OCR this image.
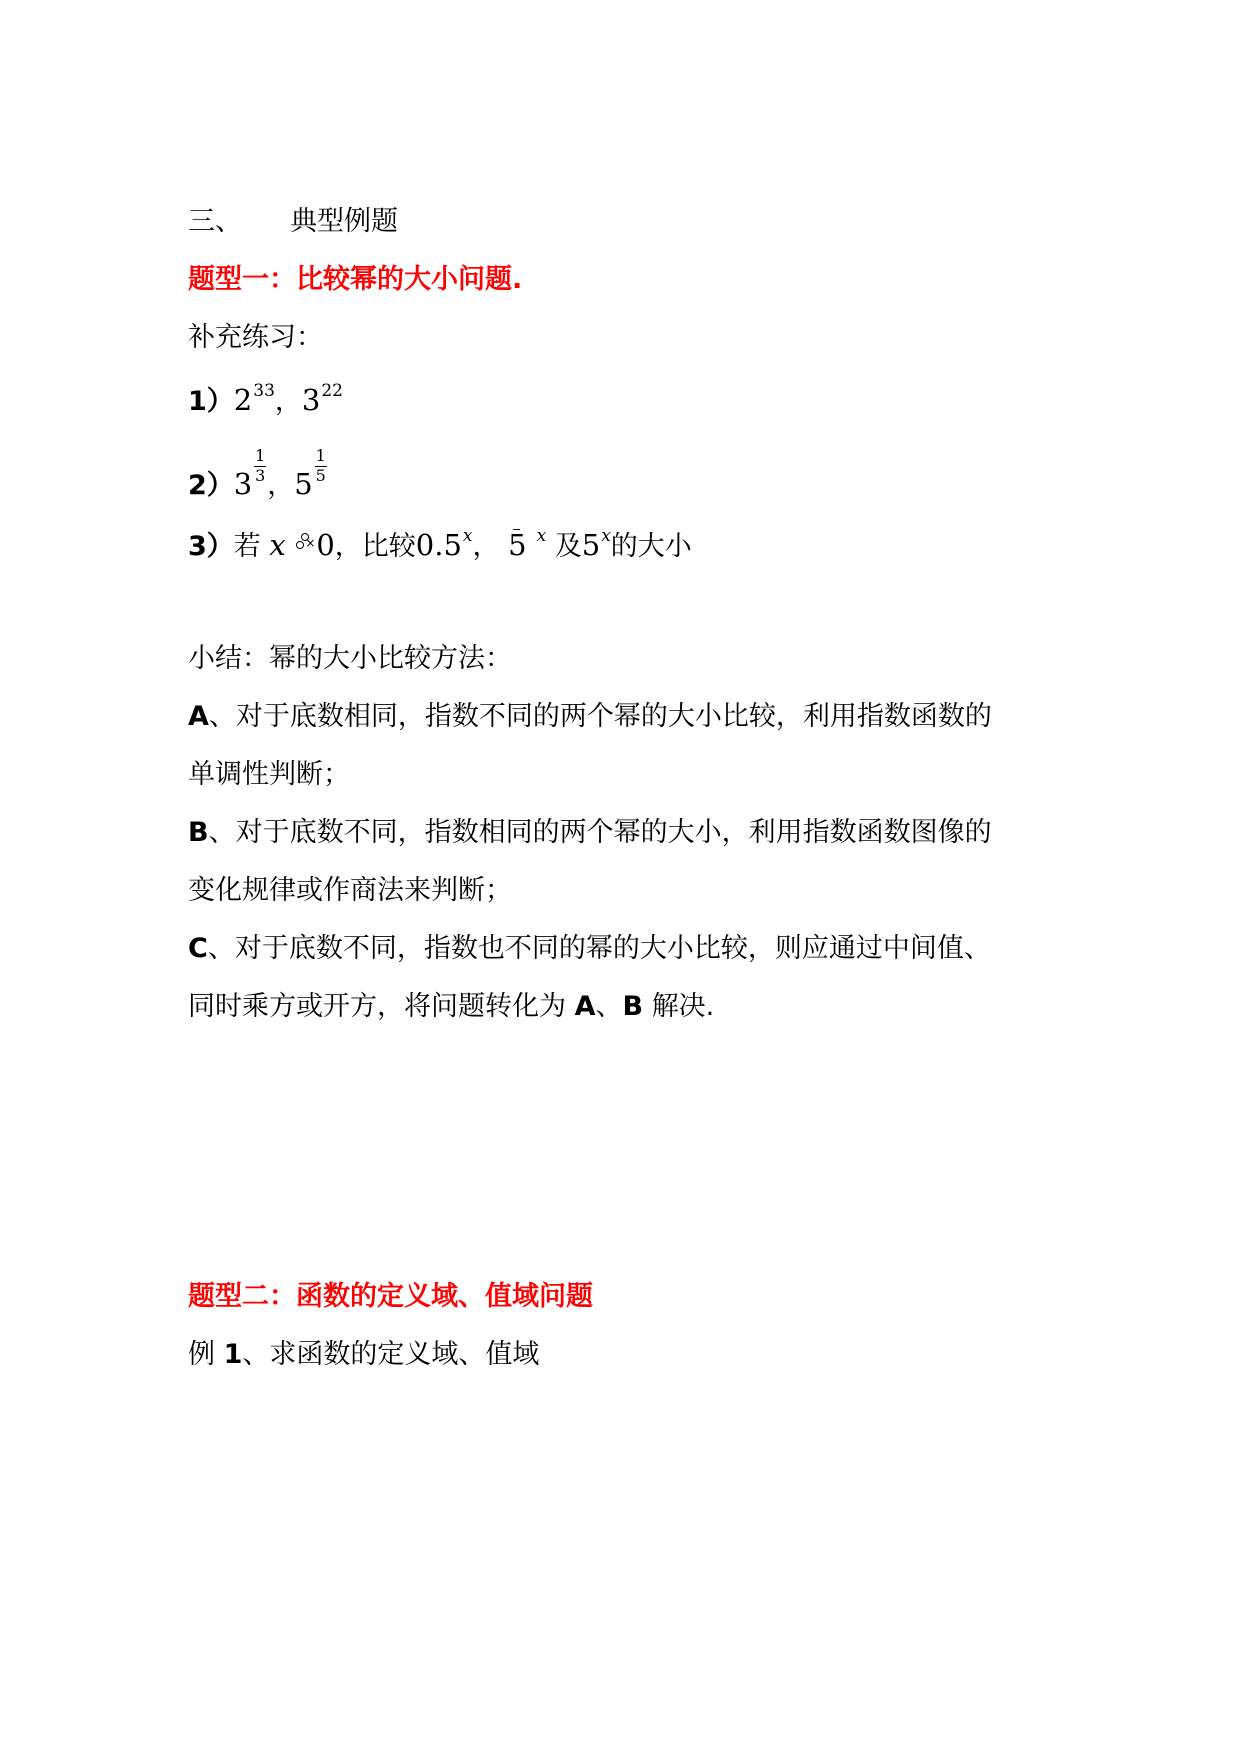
三、 典型例题
题型一：比较幂的大小问题.
补充练习：
$1)2^{33}$，$3^{22}$
$2)3 \frac{1}{3}$ ，$5 \frac{1}{5}$
3）若 x × 0，比较0.5$^x$， 5 $^x$ 及5$^x$的大小
小结：幂的大小比较方法：
A、对于底数相同，指数不同的两个幂的大小比较，利用指数函数的
单调性判断；
B、对于底数不同，指数相同的两个幂的大小，利用指数函数图像的
变化规律或作商法来判断；
C、对于底数不同，指数也不同的幂的大小比较，则应通过中间值、
同时乘方或开方，将问题转化为 A、B 解决.
题型二：函数的定义域、值域问题
例 1、求函数的定义域、值域
